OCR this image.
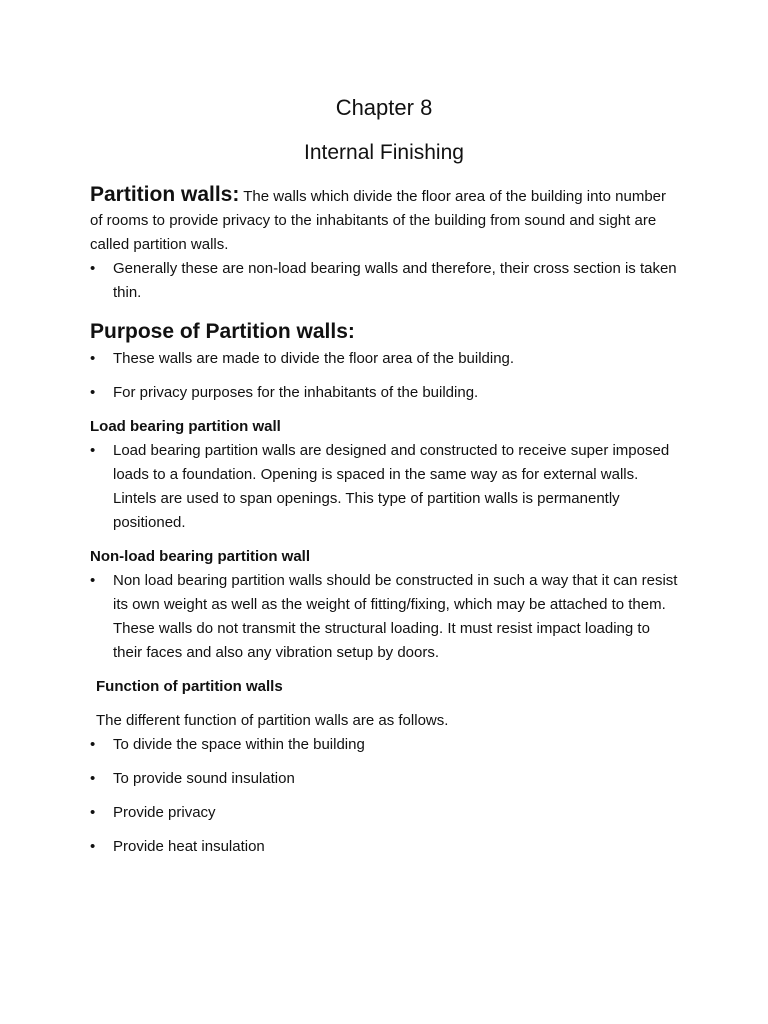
Chapter 8
Internal Finishing

Partition walls: The walls which divide the floor area of the building into number of rooms to provide privacy to the inhabitants of the building from sound and sight are called partition walls.

• Generally these are non-load bearing walls and therefore, their cross section is taken thin.
Purpose of Partition walls:
• These walls are made to divide the floor area of the building.
• For privacy purposes for the inhabitants of the building.
Load bearing partition wall
• Load bearing partition walls are designed and constructed to receive super imposed loads to a foundation. Opening is spaced in the same way as for external walls. Lintels are used to span openings. This type of partition walls is permanently positioned.
Non-load bearing partition wall
• Non load bearing partition walls should be constructed in such a way that it can resist its own weight as well as the weight of fitting/fixing, which may be attached to them. These walls do not transmit the structural loading. It must resist impact loading to their faces and also any vibration setup by doors.
Function of partition walls

The different function of partition walls are as follows.

• To divide the space within the building
• To provide sound insulation
• Provide privacy
• Provide heat insulation
